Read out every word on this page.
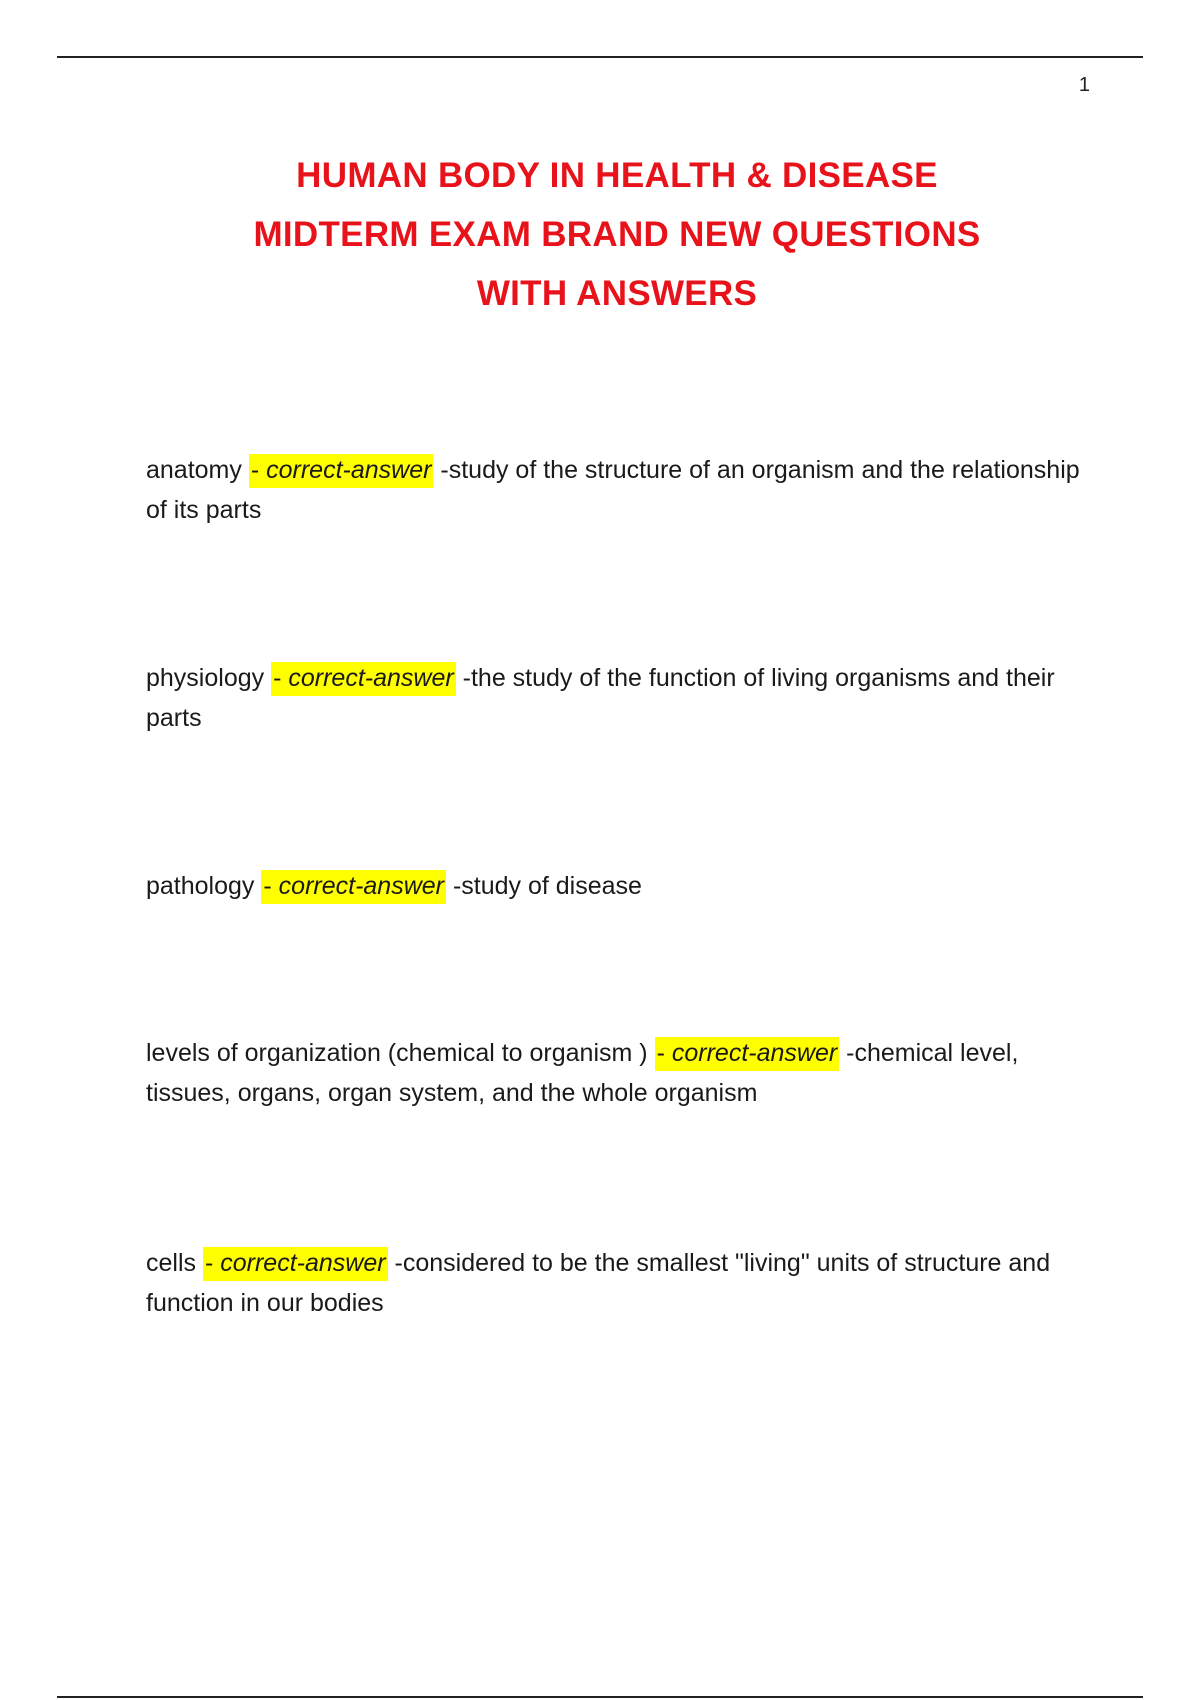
1
HUMAN BODY IN HEALTH & DISEASE
MIDTERM EXAM BRAND NEW QUESTIONS
WITH ANSWERS
anatomy - correct-answer -study of the structure of an organism and the relationship of its parts
physiology - correct-answer -the study of the function of living organisms and their parts
pathology - correct-answer -study of disease
levels of organization (chemical to organism ) - correct-answer -chemical level, tissues, organs, organ system, and the whole organism
cells - correct-answer -considered to be the smallest "living" units of structure and function in our bodies
